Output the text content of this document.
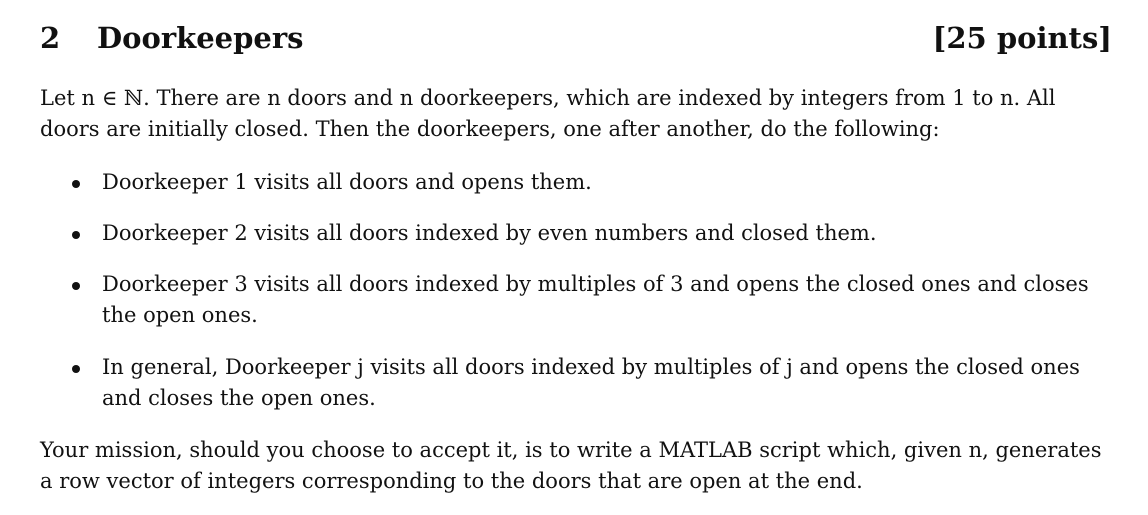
2 Doorkeepers	[25 points]
Let n ∈ ℕ. There are n doors and n doorkeepers, which are indexed by integers from 1 to n. All
doors are initially closed. Then the doorkeepers, one after another, do the following:
Doorkeeper 1 visits all doors and opens them.
Doorkeeper 2 visits all doors indexed by even numbers and closed them.
Doorkeeper 3 visits all doors indexed by multiples of 3 and opens the closed ones and closes
the open ones.
In general, Doorkeeper j visits all doors indexed by multiples of j and opens the closed ones
and closes the open ones.
Your mission, should you choose to accept it, is to write a MATLAB script which, given n, generates
a row vector of integers corresponding to the doors that are open at the end.
